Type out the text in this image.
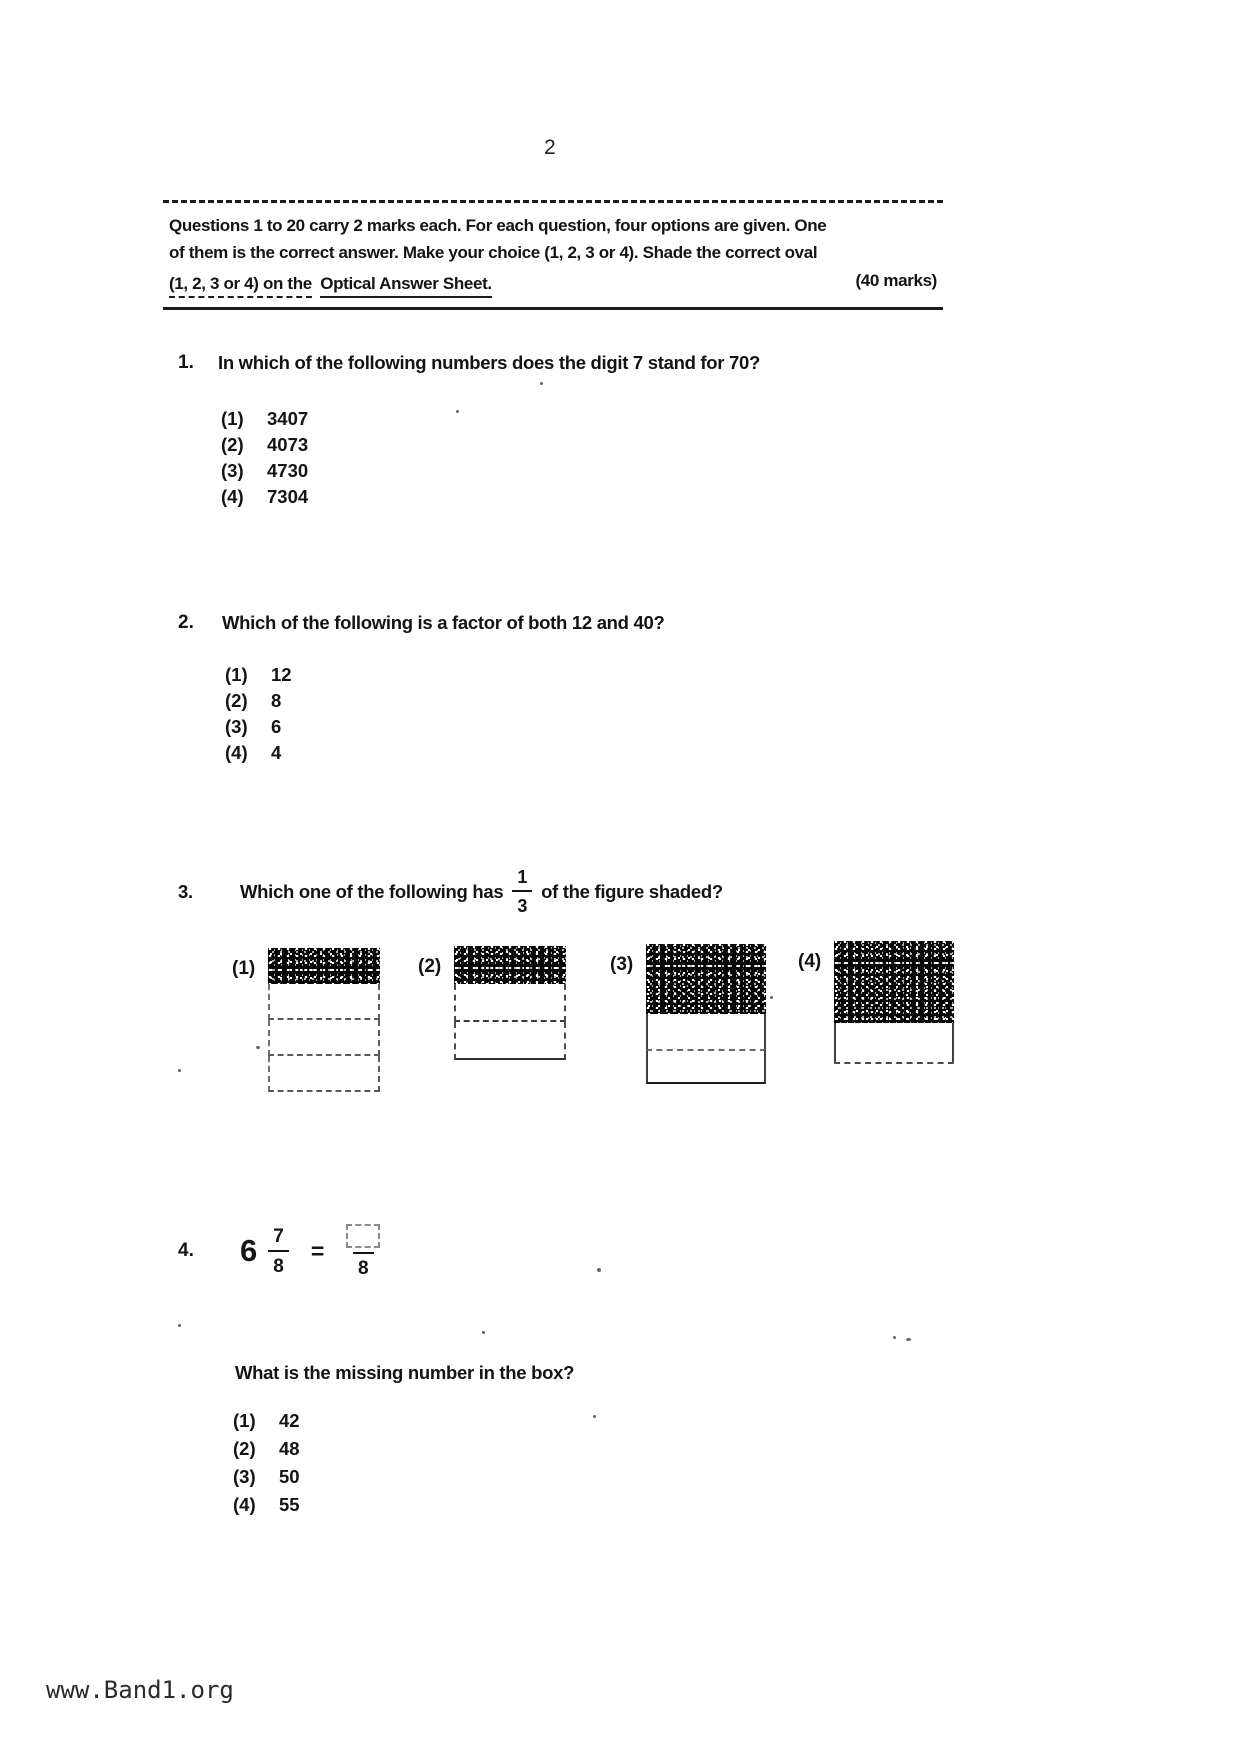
2
Questions 1 to 20 carry 2 marks each. For each question, four options are given. One
of them is the correct answer. Make your choice (1, 2, 3 or 4). Shade the correct oval
(1, 2, 3 or 4) on the Optical Answer Sheet.	(40 marks)
1. In which of the following numbers does the digit 7 stand for 70?
(1)	3407
(2)	4073
(3)	4730
(4)	7304
2. Which of the following is a factor of both 12 and 40?
(1)	12
(2)	8
(3)	6
(4)	4
3.	Which one of the following has $\frac{1}{3}$ of the figure shaded?
(1)	(2)	(3)	(4)
4.	$6 \frac{7}{8}$ =
8
What is the missing number in the box?
(1)	42
(2)	48
(3)	50
(4)	55
www.Band1.org
